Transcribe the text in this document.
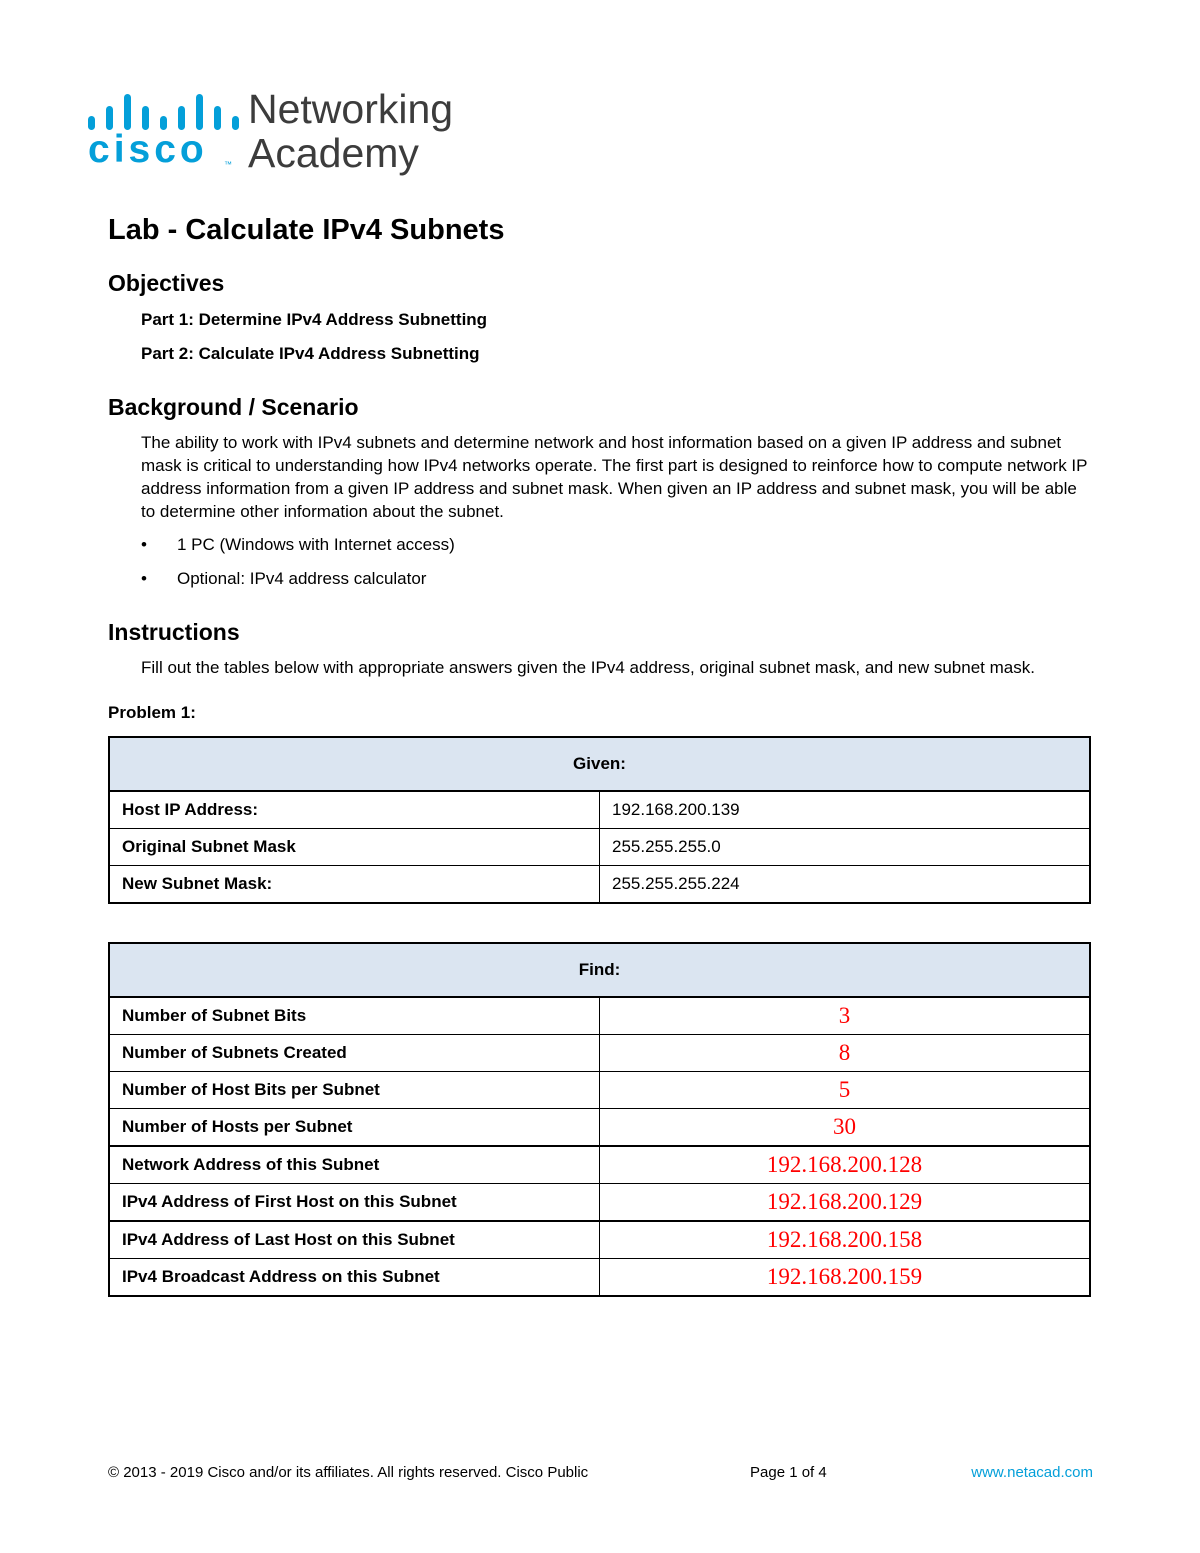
cisco ™
Networking
Academy
Lab - Calculate IPv4 Subnets
Objectives

Part 1: Determine IPv4 Address Subnetting

Part 2: Calculate IPv4 Address Subnetting

Background / Scenario

The ability to work with IPv4 subnets and determine network and host information based on a given IP address and subnet mask is critical to understanding how IPv4 networks operate. The first part is designed to reinforce how to compute network IP address information from a given IP address and subnet mask. When given an IP address and subnet mask, you will be able to determine other information about the subnet.

• 1 PC (Windows with Internet access)
• Optional: IPv4 address calculator
Instructions

Fill out the tables below with appropriate answers given the IPv4 address, original subnet mask, and new subnet mask.

Problem 1:

Given:	
Host IP Address:	192.168.200.139
Original Subnet Mask	255.255.255.0
New Subnet Mask:	255.255.255.224
Find:	
Number of Subnet Bits	3
Number of Subnets Created	8
Number of Host Bits per Subnet	5
Number of Hosts per Subnet	30
Network Address of this Subnet	192.168.200.128
IPv4 Address of First Host on this Subnet	192.168.200.129
IPv4 Address of Last Host on this Subnet	192.168.200.158
IPv4 Broadcast Address on this Subnet	192.168.200.159
© 2013 - 2019 Cisco and/or its affiliates. All rights reserved. Cisco Public	Page 1 of 4	www.netacad.com
